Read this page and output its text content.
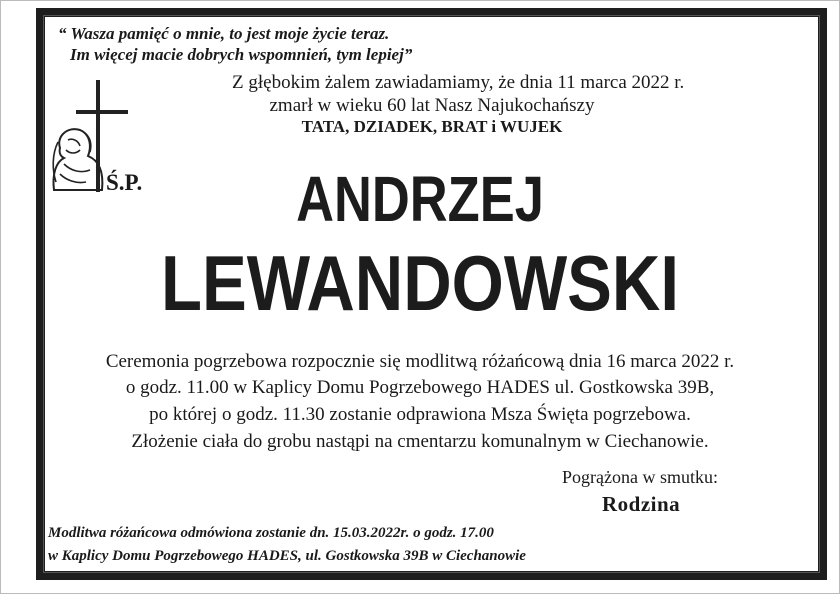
“ Wasza pamięć o mnie, to jest moje życie teraz.
Im więcej macie dobrych wspomnień, tym lepiej”
Z głębokim żalem zawiadamiamy, że dnia 11 marca 2022 r.
zmarł w wieku 60 lat Nasz Najukochańszy
TATA, DZIADEK, BRAT i WUJEK
Ś.P.	ANDRZEJ
LEWANDOWSKI
Ceremonia pogrzebowa rozpocznie się modlitwą różańcową dnia 16 marca 2022 r.
o godz. 11.00 w Kaplicy Domu Pogrzebowego HADES ul. Gostkowska 39B,
po której o godz. 11.30 zostanie odprawiona Msza Święta pogrzebowa.
Złożenie ciała do grobu nastąpi na cmentarzu komunalnym w Ciechanowie.
Pogrążona w smutku:
Rodzina
Modlitwa różańcowa odmówiona zostanie dn. 15.03.2022r. o godz. 17.00
w Kaplicy Domu Pogrzebowego HADES, ul. Gostkowska 39B w Ciechanowie
